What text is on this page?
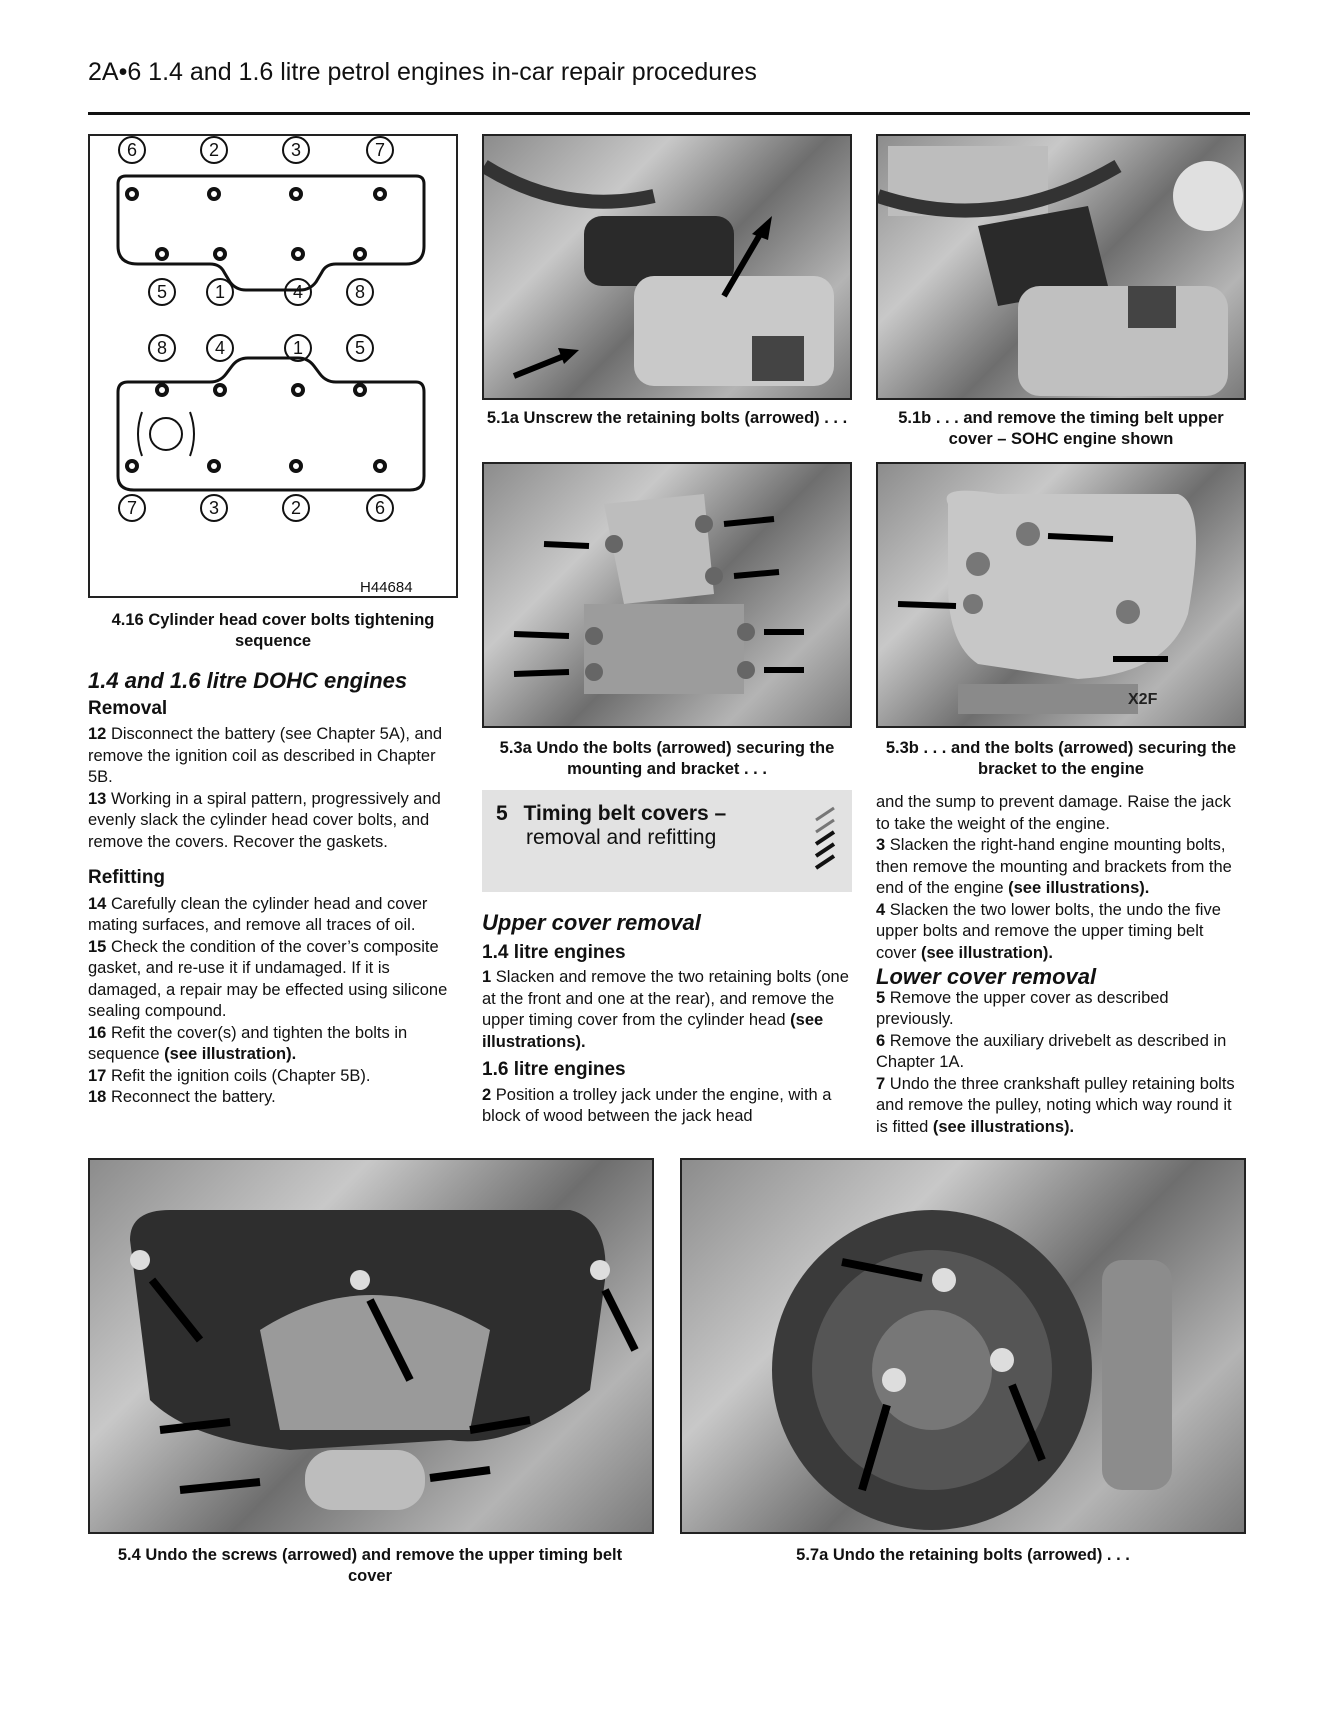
2A•6 1.4 and 1.6 litre petrol engines in-car repair procedures
6	2	3	7
5	1	4	8
8	4	1	5
7	3	2	6
H44684
4.16 Cylinder head cover bolts tightening sequence
5.1a Unscrew the retaining bolts (arrowed) . . .	5.1b . . . and remove the timing belt upper cover – SOHC engine shown
5.3a Undo the bolts (arrowed) securing the mounting and bracket . . .
X2F
5.3b . . . and the bolts (arrowed) securing the bracket to the engine

1.4 and 1.6 litre DOHC engines

Removal

12 Disconnect the battery (see Chapter 5A), and remove the ignition coil as described in Chapter 5B.

13 Working in a spiral pattern, progressively and evenly slack the cylinder head cover bolts, and remove the covers. Recover the gaskets.

Refitting

14 Carefully clean the cylinder head and cover mating surfaces, and remove all traces of oil.

15 Check the condition of the cover’s composite gasket, and re-use it if undamaged. If it is damaged, a repair may be effected using silicone sealing compound.

16 Refit the cover(s) and tighten the bolts in sequence (see illustration).

17 Refit the ignition coils (Chapter 5B).

18 Reconnect the battery.

5 Timing belt covers –
removal and refitting

Upper cover removal

1.4 litre engines

1 Slacken and remove the two retaining bolts (one at the front and one at the rear), and remove the upper timing cover from the cylinder head (see illustrations).

1.6 litre engines

2 Position a trolley jack under the engine, with a block of wood between the jack head

and the sump to prevent damage. Raise the jack to take the weight of the engine.

3 Slacken the right-hand engine mounting bolts, then remove the mounting and brackets from the end of the engine (see illustrations).

4 Slacken the two lower bolts, the undo the five upper bolts and remove the upper timing belt cover (see illustration).

Lower cover removal

5 Remove the upper cover as described previously.

6 Remove the auxiliary drivebelt as described in Chapter 1A.

7 Undo the three crankshaft pulley retaining bolts and remove the pulley, noting which way round it is fitted (see illustrations).

5.4 Undo the screws (arrowed) and remove the upper timing belt cover
5.7a Undo the retaining bolts (arrowed) . . .
